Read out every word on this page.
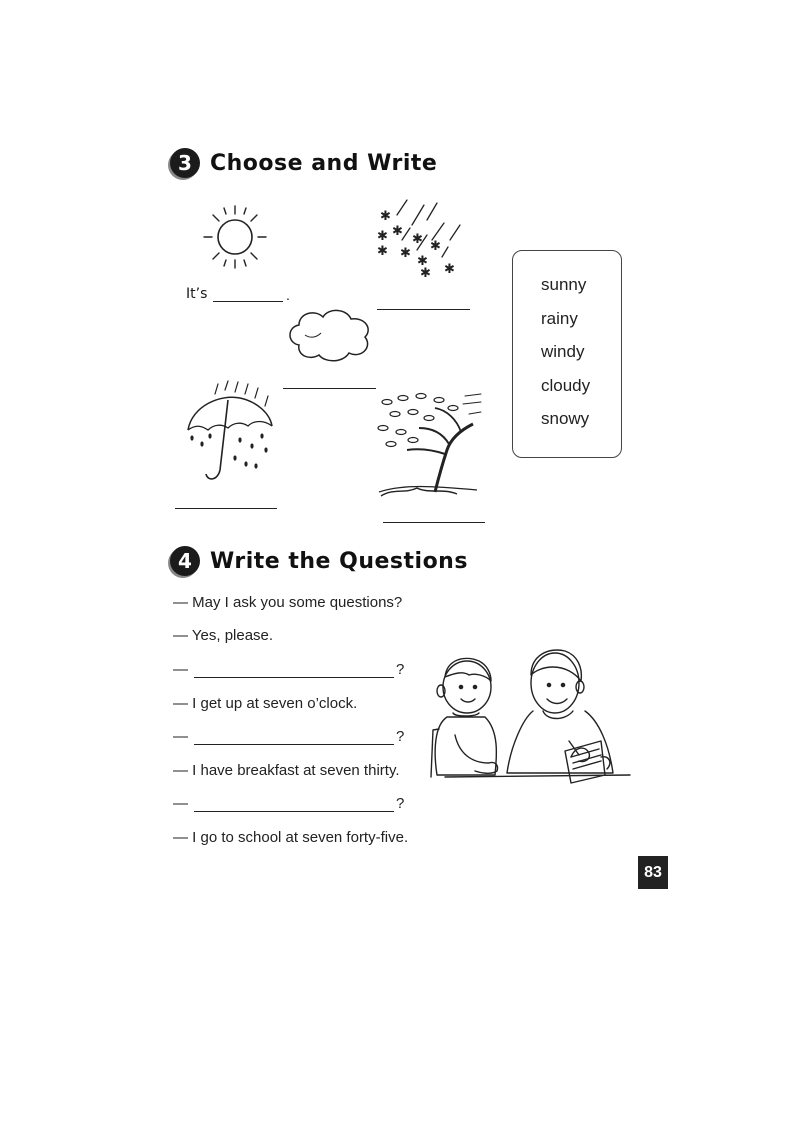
3 Choose and Write
It’s	.
✱
✱ ✱
✱ ✱
✱
✱
✱
✱
✱
sunny
rainy
windy
cloudy
snowy
4 Write the Questions
— May I ask you some questions?
— Yes, please.
—	?
— I get up at seven o’clock.
—	?
— I have breakfast at seven thirty.
—	?
— I go to school at seven forty-five.
83
